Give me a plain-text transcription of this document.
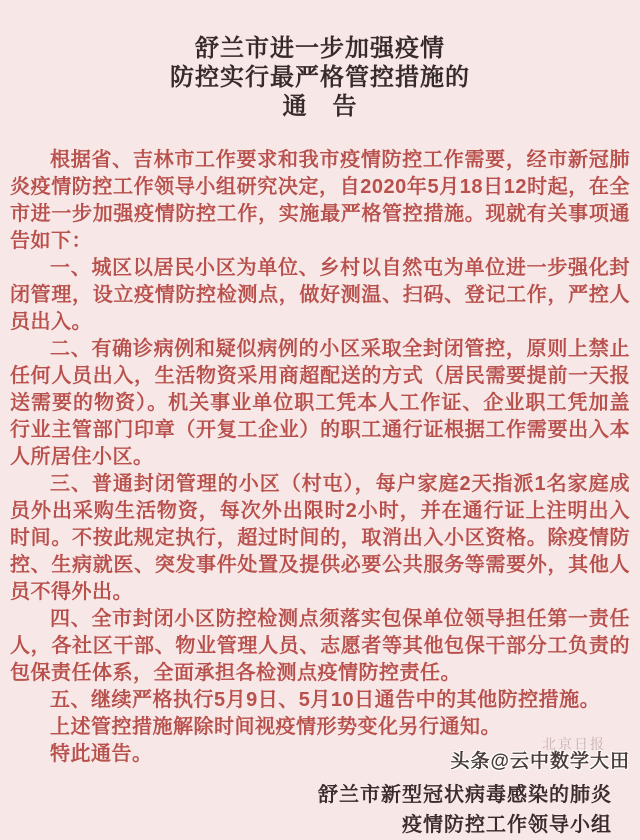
舒兰市进一步加强疫情
防控实行最严格管控措施的
通　告

根据省、吉林市工作要求和我市疫情防控工作需要，经市新冠肺炎疫情防控工作领导小组研究决定，自2020年5月18日12时起，在全市进一步加强疫情防控工作，实施最严格管控措施。现就有关事项通告如下：

一、城区以居民小区为单位、乡村以自然屯为单位进一步强化封闭管理，设立疫情防控检测点，做好测温、扫码、登记工作，严控人员出入。

二、有确诊病例和疑似病例的小区采取全封闭管控，原则上禁止任何人员出入，生活物资采用商超配送的方式（居民需要提前一天报送需要的物资）。机关事业单位职工凭本人工作证、企业职工凭加盖行业主管部门印章（开复工企业）的职工通行证根据工作需要出入本人所居住小区。

三、普通封闭管理的小区（村屯），每户家庭2天指派1名家庭成员外出采购生活物资，每次外出限时2小时，并在通行证上注明出入时间。不按此规定执行，超过时间的，取消出入小区资格。除疫情防控、生病就医、突发事件处置及提供必要公共服务等需要外，其他人员不得外出。

四、全市封闭小区防控检测点须落实包保单位领导担任第一责任人，各社区干部、物业管理人员、志愿者等其他包保干部分工负责的包保责任体系，全面承担各检测点疫情防控责任。

五、继续严格执行5月9日、5月10日通告中的其他防控措施。

上述管控措施解除时间视疫情形势变化另行通知。

特此通告。

舒兰市新型冠状病毒感染的肺炎
疫情防控工作领导小组
北京日报
头条@云中数学大田
